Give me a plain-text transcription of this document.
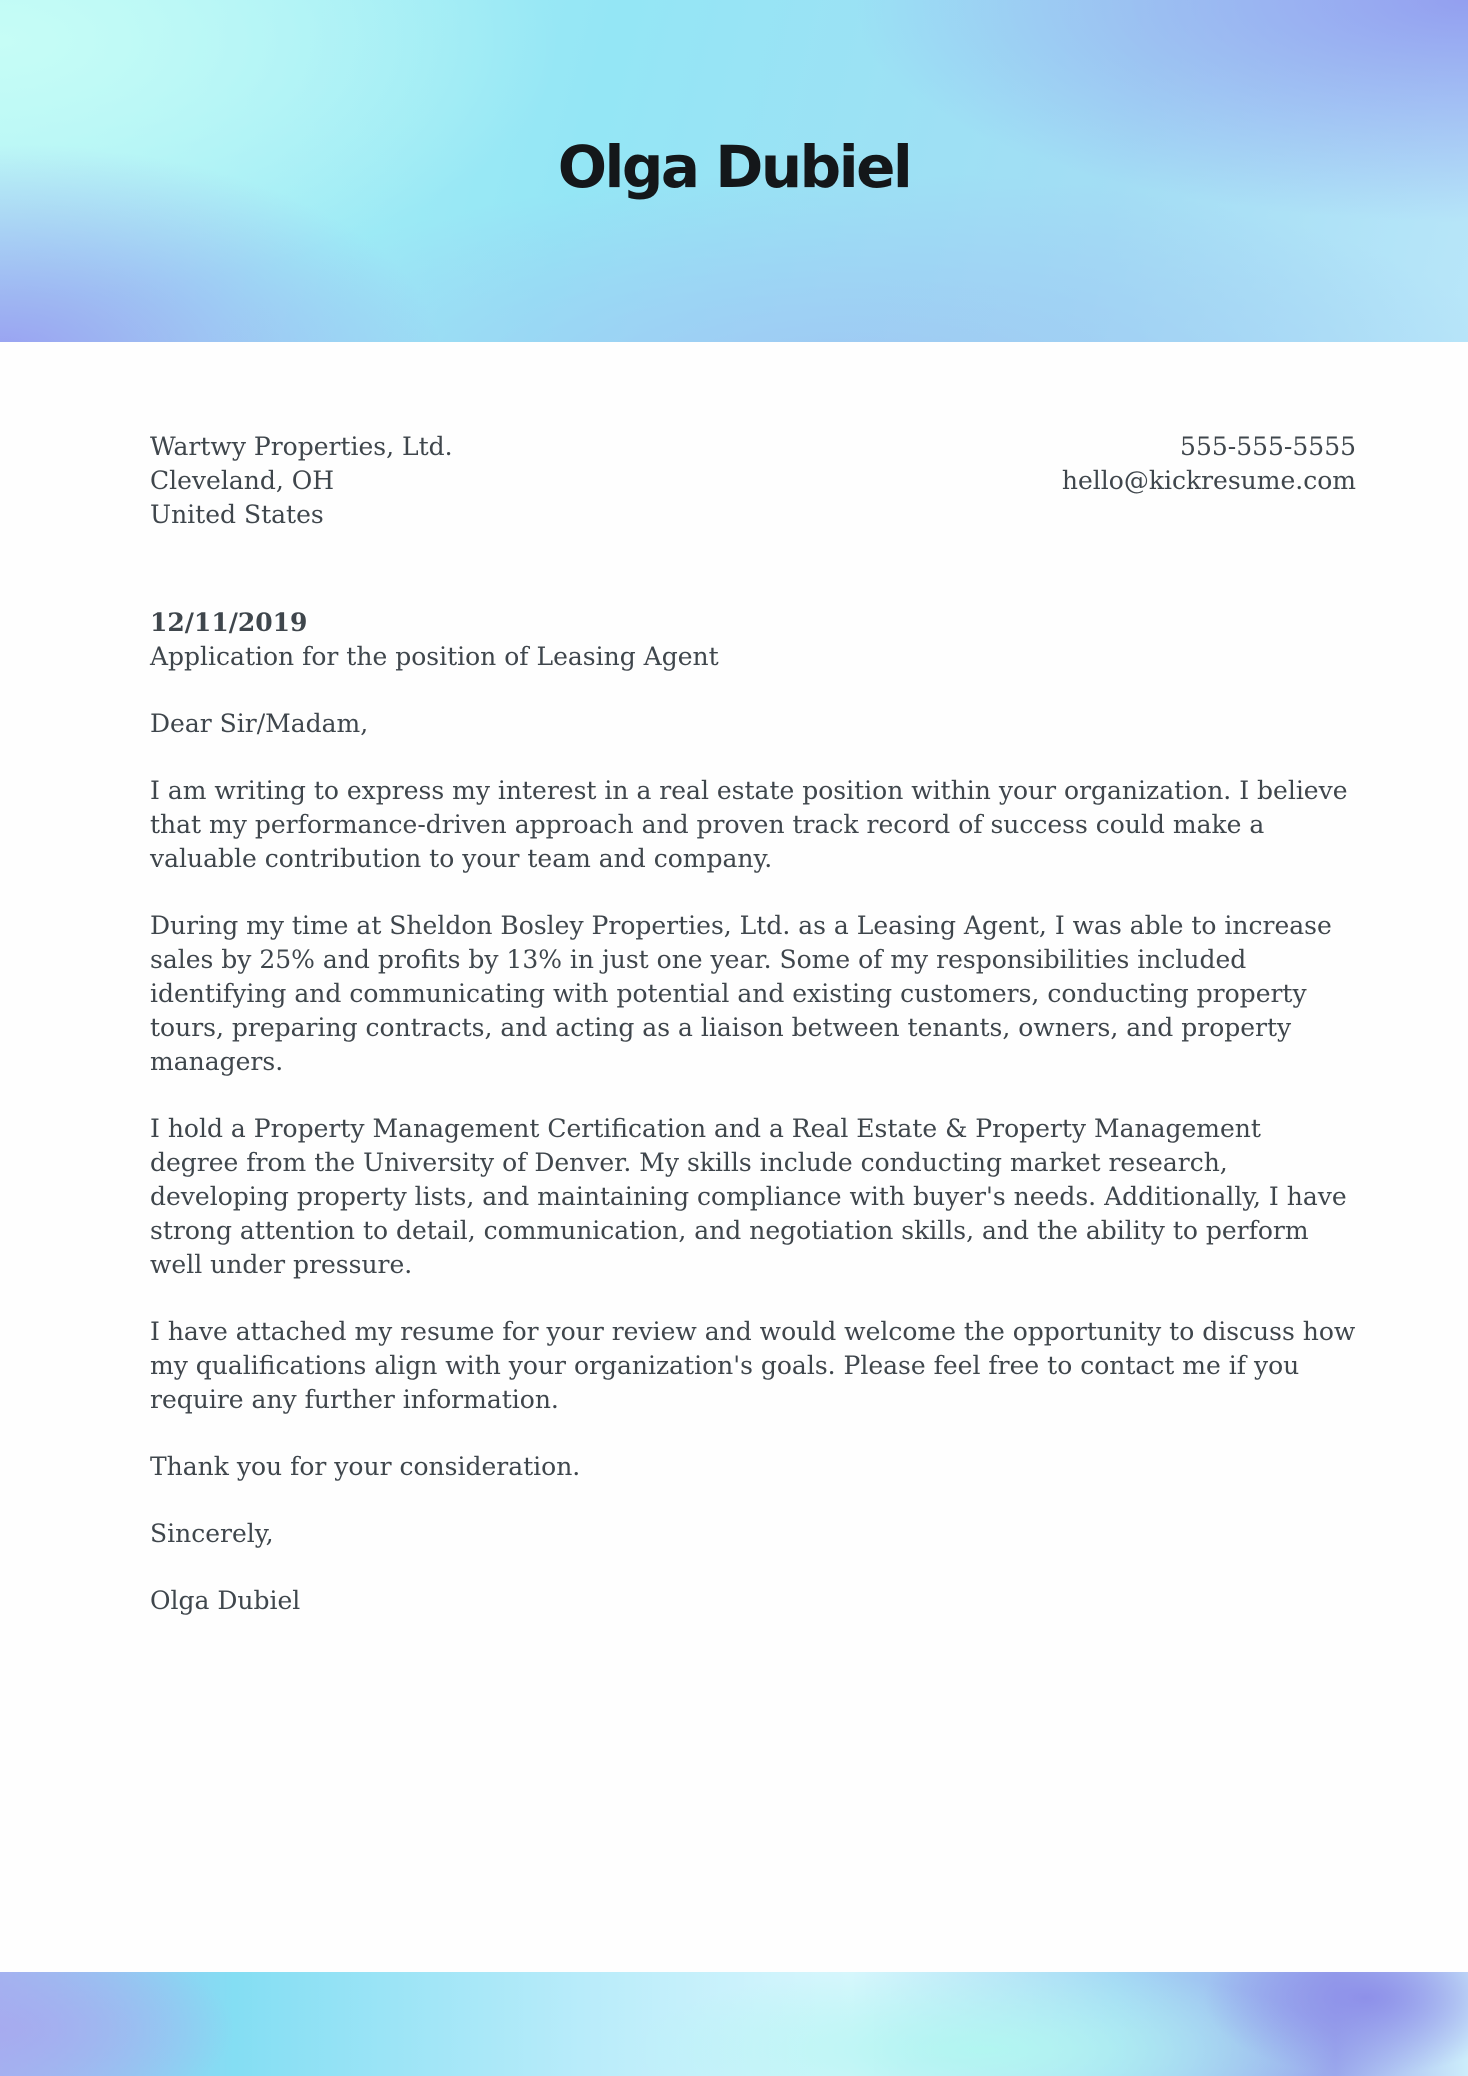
Olga Dubiel
Wartwy Properties, Ltd.
Cleveland, OH
United States
555-555-5555
hello@kickresume.com
12/11/2019
Application for the position of Leasing Agent

Dear Sir/Madam,

I am writing to express my interest in a real estate position within your organization. I believe that my performance-driven approach and proven track record of success could make a valuable contribution to your team and company.

During my time at Sheldon Bosley Properties, Ltd. as a Leasing Agent, I was able to increase sales by 25% and profits by 13% in just one year. Some of my responsibilities included identifying and communicating with potential and existing customers, conducting property tours, preparing contracts, and acting as a liaison between tenants, owners, and property managers.

I hold a Property Management Certification and a Real Estate & Property Management degree from the University of Denver. My skills include conducting market research, developing property lists, and maintaining compliance with buyer's needs. Additionally, I have strong attention to detail, communication, and negotiation skills, and the ability to perform well under pressure.

I have attached my resume for your review and would welcome the opportunity to discuss how my qualifications align with your organization's goals. Please feel free to contact me if you require any further information.

Thank you for your consideration.

Sincerely,

Olga Dubiel
